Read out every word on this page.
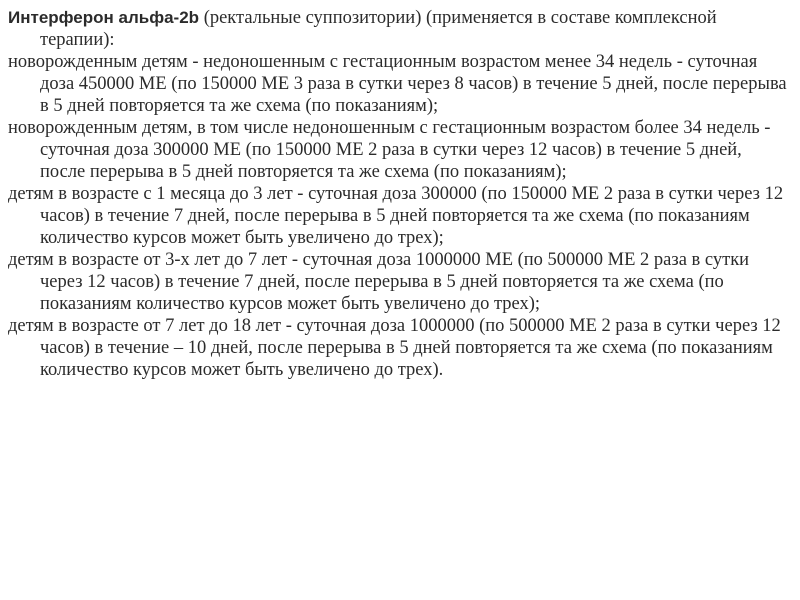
Интерферон альфа-2b (ректальные суппозитории) (применяется в составе комплексной терапии):

новорожденным детям - недоношенным с гестационным возрастом менее 34 недель - суточная доза 450000 МЕ (по 150000 МЕ 3 раза в сутки через 8 часов) в течение 5 дней, после перерыва в 5 дней повторяется та же схема (по показаниям);

новорожденным детям, в том числе недоношенным с гестационным возрастом более 34 недель - суточная доза 300000 МЕ (по 150000 МЕ 2 раза в сутки через 12 часов) в течение 5 дней, после перерыва в 5 дней повторяется та же схема (по показаниям);

детям в возрасте с 1 месяца до 3 лет - суточная доза 300000 (по 150000 МЕ 2 раза в сутки через 12 часов) в течение 7 дней, после перерыва в 5 дней повторяется та же схема (по показаниям количество курсов может быть увеличено до трех);

детям в возрасте от 3-х лет до 7 лет - суточная доза 1000000 МЕ (по 500000 МЕ 2 раза в сутки через 12 часов) в течение 7 дней, после перерыва в 5 дней повторяется та же схема (по показаниям количество курсов может быть увеличено до трех);

детям в возрасте от 7 лет до 18 лет - суточная доза 1000000 (по 500000 МЕ 2 раза в сутки через 12 часов) в течение – 10 дней, после перерыва в 5 дней повторяется та же схема (по показаниям количество курсов может быть увеличено до трех).
